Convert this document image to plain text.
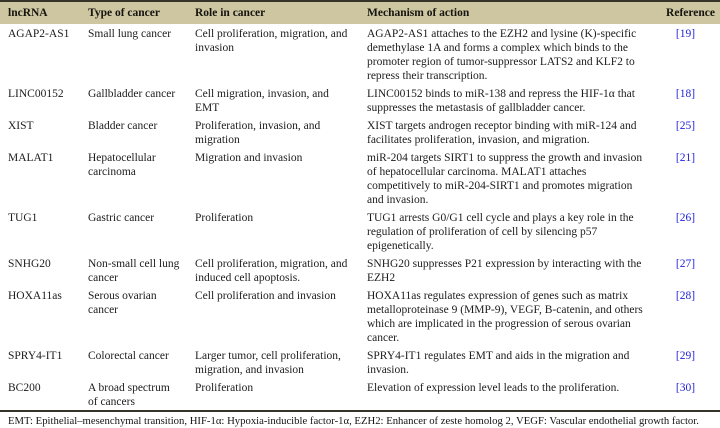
lncRNA	Type of cancer	Role in cancer	Mechanism of action	Reference
AGAP2-AS1	Small lung cancer	Cell proliferation, migration, and invasion	AGAP2-AS1 attaches to the EZH2 and lysine (K)-specific demethylase 1A and forms a complex which binds to the promoter region of tumor-suppressor LATS2 and KLF2 to repress their transcription.	[19]
LINC00152	Gallbladder cancer	Cell migration, invasion, and EMT	LINC00152 binds to miR-138 and repress the HIF-1α that suppresses the metastasis of gallbladder cancer.	[18]
XIST	Bladder cancer	Proliferation, invasion, and migration	XIST targets androgen receptor binding with miR-124 and facilitates proliferation, invasion, and migration.	[25]
MALAT1	Hepatocellular carcinoma	Migration and invasion	miR-204 targets SIRT1 to suppress the growth and invasion of hepatocellular carcinoma. MALAT1 attaches competitively to miR-204-SIRT1 and promotes migration and invasion.	[21]
TUG1	Gastric cancer	Proliferation	TUG1 arrests G0/G1 cell cycle and plays a key role in the regulation of proliferation of cell by silencing p57 epigenetically.	[26]
SNHG20	Non-small cell lung cancer	Cell proliferation, migration, and induced cell apoptosis.	SNHG20 suppresses P21 expression by interacting with the EZH2	[27]
HOXA11as	Serous ovarian cancer	Cell proliferation and invasion	HOXA11as regulates expression of genes such as matrix metalloproteinase 9 (MMP-9), VEGF, B-catenin, and others which are implicated in the progression of serous ovarian cancer.	[28]
SPRY4-IT1	Colorectal cancer	Larger tumor, cell proliferation, migration, and invasion	SPRY4-IT1 regulates EMT and aids in the migration and invasion.	[29]
BC200	A broad spectrum of cancers	Proliferation	Elevation of expression level leads to the proliferation.	[30]
EMT: Epithelial–mesenchymal transition, HIF-1α: Hypoxia-inducible factor-1α, EZH2: Enhancer of zeste homolog 2, VEGF: Vascular endothelial growth factor.
